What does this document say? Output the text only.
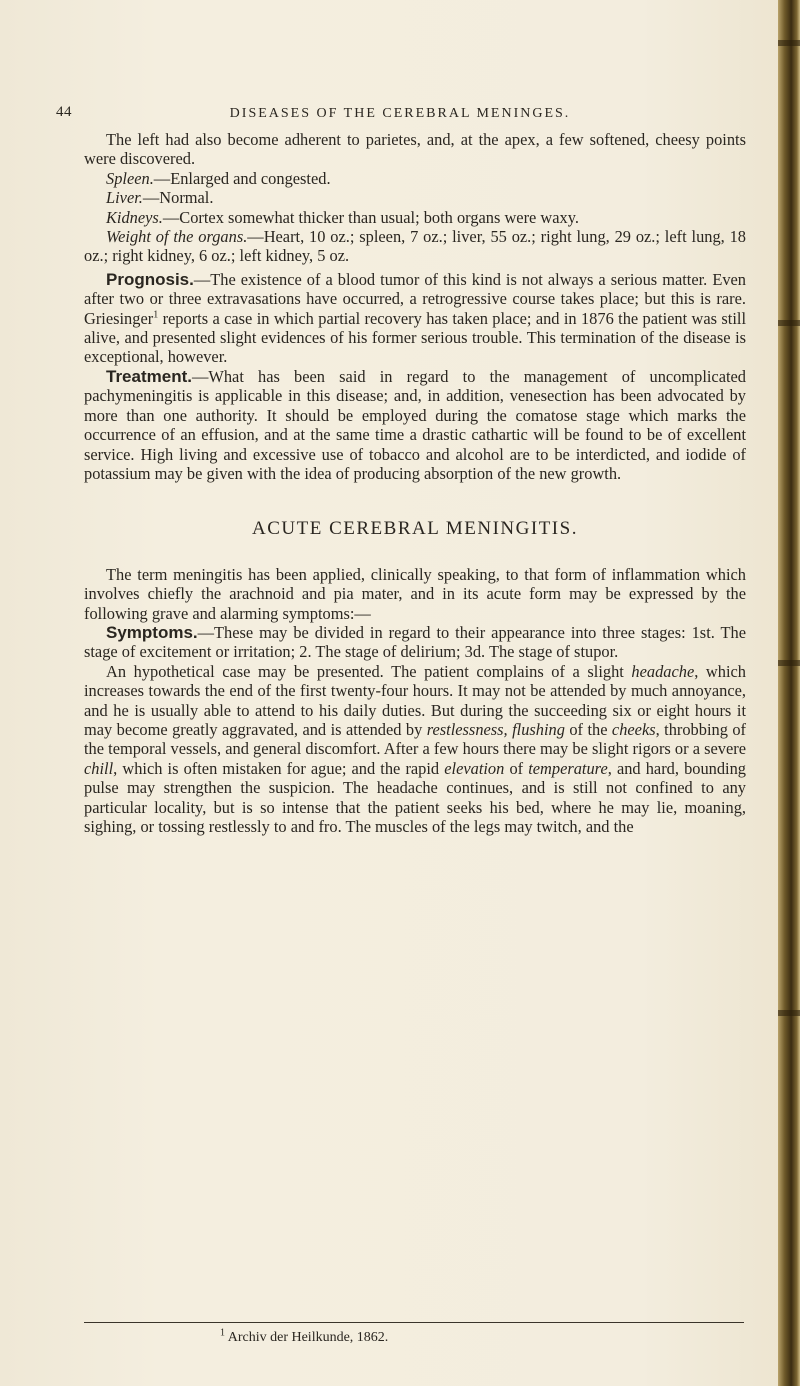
44	DISEASES OF THE CEREBRAL MENINGES.

The left had also become adherent to parietes, and, at the apex, a few softened, cheesy points were discovered.

Spleen.—Enlarged and congested.

Liver.—Normal.

Kidneys.—Cortex somewhat thicker than usual; both organs were waxy.

Weight of the organs.—Heart, 10 oz.; spleen, 7 oz.; liver, 55 oz.; right lung, 29 oz.; left lung, 18 oz.; right kidney, 6 oz.; left kidney, 5 oz.

Prognosis.—The existence of a blood tumor of this kind is not always a serious matter. Even after two or three extravasations have occurred, a retrogressive course takes place; but this is rare. Griesinger$^1$ reports a case in which partial recovery has taken place; and in 1876 the patient was still alive, and presented slight evidences of his former serious trouble. This termination of the disease is exceptional, however.

Treatment.—What has been said in regard to the management of uncomplicated pachymeningitis is applicable in this disease; and, in addition, venesection has been advocated by more than one authority. It should be employed during the comatose stage which marks the occurrence of an effusion, and at the same time a drastic cathartic will be found to be of excellent service. High living and excessive use of tobacco and alcohol are to be interdicted, and iodide of potassium may be given with the idea of producing absorption of the new growth.

ACUTE CEREBRAL MENINGITIS.

The term meningitis has been applied, clinically speaking, to that form of inflammation which involves chiefly the arachnoid and pia mater, and in its acute form may be expressed by the following grave and alarming symptoms:—

Symptoms.—These may be divided in regard to their appearance into three stages: 1st. The stage of excitement or irritation; 2. The stage of delirium; 3d. The stage of stupor.

An hypothetical case may be presented. The patient complains of a slight headache, which increases towards the end of the first twenty-four hours. It may not be attended by much annoyance, and he is usually able to attend to his daily duties. But during the succeeding six or eight hours it may become greatly aggravated, and is attended by restlessness, flushing of the cheeks, throbbing of the temporal vessels, and general discomfort. After a few hours there may be slight rigors or a severe chill, which is often mistaken for ague; and the rapid elevation of temperature, and hard, bounding pulse may strengthen the suspicion. The headache continues, and is still not confined to any particular locality, but is so intense that the patient seeks his bed, where he may lie, moaning, sighing, or tossing restlessly to and fro. The muscles of the legs may twitch, and the

$^1$ Archiv der Heilkunde, 1862.
